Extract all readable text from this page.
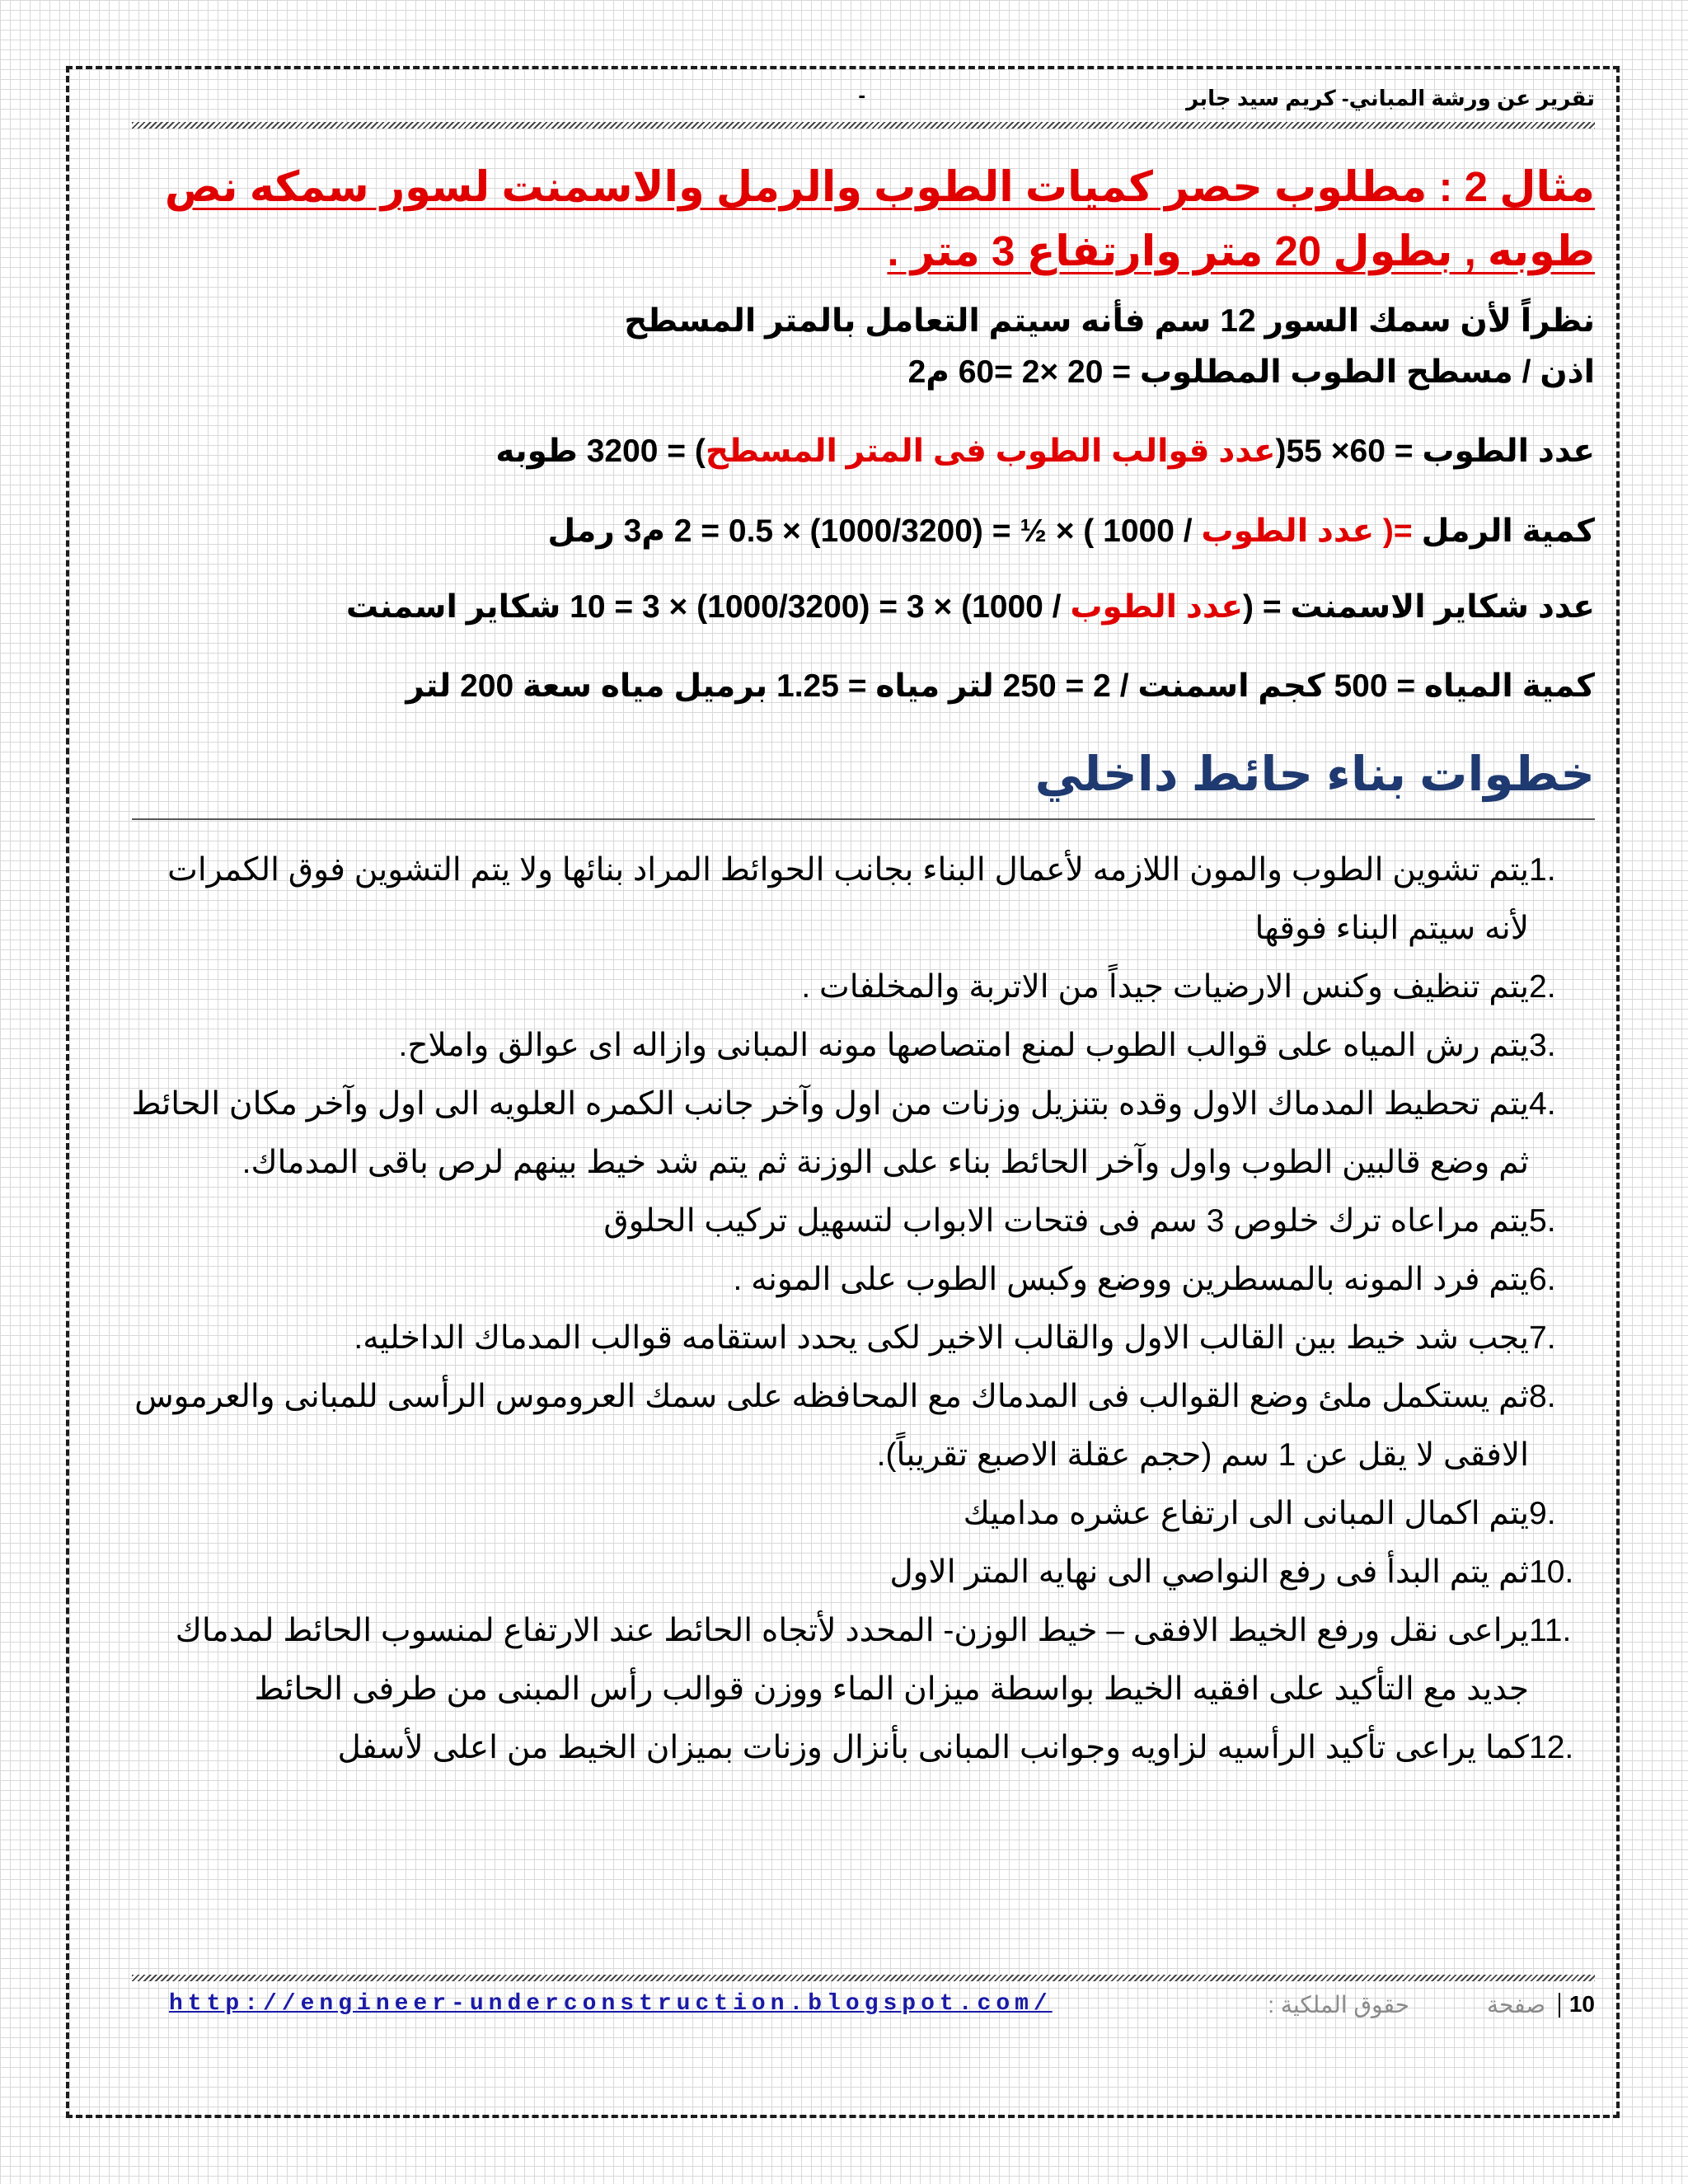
تقرير عن ورشة المباني- كريم سيد جابر
-
مثال 2 : مطلوب حصر كميات الطوب والرمل والاسمنت لسور سمكه نص طوبه , بطول 20 متر وارتفاع 3 متر .
نظراً لأن سمك السور 12 سم فأنه سيتم التعامل بالمتر المسطح
اذن / مسطح الطوب المطلوب = 20 ×2 =60 م2
عدد الطوب = 60× 55(عدد قوالب الطوب فى المتر المسطح) = 3200 طوبه
كمية الرمل =( عدد الطوب / 1000 ) × ½ = (1000/3200) × 0.5 = 2 م3 رمل
عدد شكاير الاسمنت = (عدد الطوب / 1000) × 3 = (1000/3200) × 3 = 10 شكاير اسمنت
كمية المياه = 500 كجم اسمنت / 2 = 250 لتر مياه = 1.25 برميل مياه سعة 200 لتر
خطوات بناء حائط داخلي
1.
يتم تشوين الطوب والمون اللازمه لأعمال البناء بجانب الحوائط المراد بنائها ولا يتم التشوين فوق الكمرات لأنه سيتم البناء فوقها
2.
يتم تنظيف وكنس الارضيات جيداً من الاتربة والمخلفات .
3.
يتم رش المياه على قوالب الطوب لمنع امتصاصها مونه المبانى وازاله اى عوالق واملاح.
4.
يتم تحطيط المدماك الاول وقده بتنزيل وزنات من اول وآخر جانب الكمره العلويه الى اول وآخر مكان الحائط ثم وضع قالبين الطوب واول وآخر الحائط بناء على الوزنة ثم يتم شد خيط بينهم لرص باقى المدماك.
5.
يتم مراعاه ترك خلوص 3 سم فى فتحات الابواب لتسهيل تركيب الحلوق
6.
يتم فرد المونه بالمسطرين ووضع وكبس الطوب على المونه .
7.
يجب شد خيط بين القالب الاول والقالب الاخير لكى يحدد استقامه قوالب المدماك الداخليه.
8.
ثم يستكمل ملئ وضع القوالب فى المدماك مع المحافظه على سمك العروموس الرأسى للمبانى والعرموس الافقى لا يقل عن 1 سم (حجم عقلة الاصبع تقريباً).
9.
يتم اكمال المبانى الى ارتفاع عشره مداميك
10.
ثم يتم البدأ فى رفع النواصي الى نهايه المتر الاول
11.
يراعى نقل ورفع الخيط الافقى – خيط الوزن- المحدد لأتجاه الحائط عند الارتفاع لمنسوب الحائط لمدماك جديد مع التأكيد على افقيه الخيط بواسطة ميزان الماء ووزن قوالب رأس المبنى من طرفى الحائط
12.
كما يراعى تأكيد الرأسيه لزاويه وجوانب المبانى بأنزال وزنات بميزان الخيط من اعلى لأسفل
10
صفحة
حقوق الملكية :
http://engineer-underconstruction.blogspot.com/
